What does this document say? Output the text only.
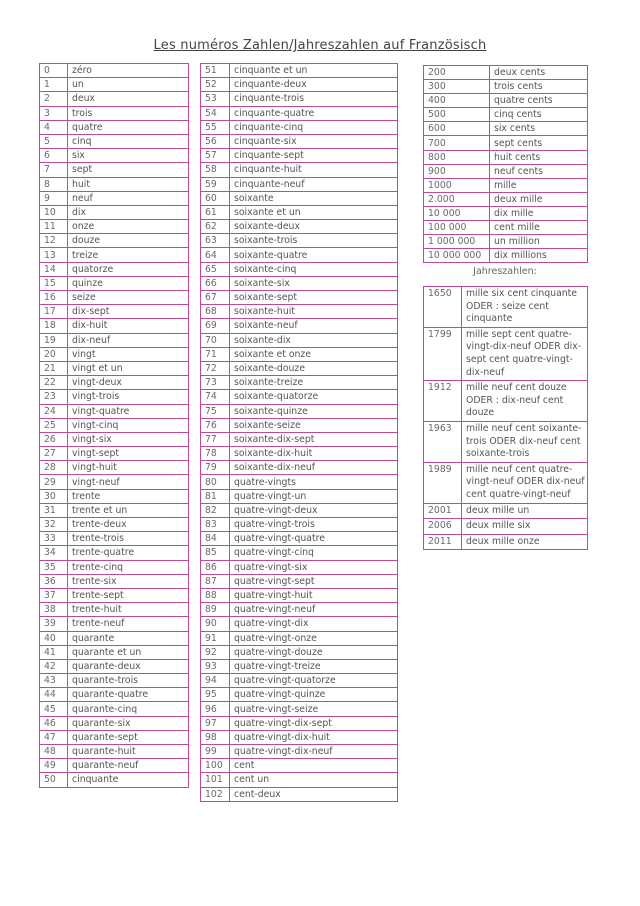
Les numéros Zahlen/Jahreszahlen auf Französisch
0	zéro
1	un
2	deux
3	trois
4	quatre
5	cinq
6	six
7	sept
8	huit
9	neuf
10	dix
11	onze
12	douze
13	treize
14	quatorze
15	quinze
16	seize
17	dix-sept
18	dix-huit
19	dix-neuf
20	vingt
21	vingt et un
22	vingt-deux
23	vingt-trois
24	vingt-quatre
25	vingt-cinq
26	vingt-six
27	vingt-sept
28	vingt-huit
29	vingt-neuf
30	trente
31	trente et un
32	trente-deux
33	trente-trois
34	trente-quatre
35	trente-cinq
36	trente-six
37	trente-sept
38	trente-huit
39	trente-neuf
40	quarante
41	quarante et un
42	quarante-deux
43	quarante-trois
44	quarante-quatre
45	quarante-cinq
46	quarante-six
47	quarante-sept
48	quarante-huit
49	quarante-neuf
50	cinquante
51	cinquante et un
52	cinquante-deux
53	cinquante-trois
54	cinquante-quatre
55	cinquante-cinq
56	cinquante-six
57	cinquante-sept
58	cinquante-huit
59	cinquante-neuf
60	soixante
61	soixante et un
62	soixante-deux
63	soixante-trois
64	soixante-quatre
65	soixante-cinq
66	soixante-six
67	soixante-sept
68	soixante-huit
69	soixante-neuf
70	soixante-dix
71	soixante et onze
72	soixante-douze
73	soixante-treize
74	soixante-quatorze
75	soixante-quinze
76	soixante-seize
77	soixante-dix-sept
78	soixante-dix-huit
79	soixante-dix-neuf
80	quatre-vingts
81	quatre-vingt-un
82	quatre-vingt-deux
83	quatre-vingt-trois
84	quatre-vingt-quatre
85	quatre-vingt-cinq
86	quatre-vingt-six
87	quatre-vingt-sept
88	quatre-vingt-huit
89	quatre-vingt-neuf
90	quatre-vingt-dix
91	quatre-vingt-onze
92	quatre-vingt-douze
93	quatre-vingt-treize
94	quatre-vingt-quatorze
95	quatre-vingt-quinze
96	quatre-vingt-seize
97	quatre-vingt-dix-sept
98	quatre-vingt-dix-huit
99	quatre-vingt-dix-neuf
100	cent
101	cent un
102	cent-deux
200	deux cents
300	trois cents
400	quatre cents
500	cinq cents
600	six cents
700	sept cents
800	huit cents
900	neuf cents
1000	mille
2.000	deux mille
10 000	dix mille
100 000	cent mille
1 000 000	un million
10 000 000	dix millions
Jahreszahlen:
1650	mille six cent cinquante ODER : seize cent cinquante
1799	mille sept cent quatre-vingt-dix-neuf ODER dix-sept cent quatre-vingt-dix-neuf
1912	mille neuf cent douze ODER : dix-neuf cent douze
1963	mille neuf cent soixante-trois ODER dix-neuf cent soixante-trois
1989	mille neuf cent quatre-vingt-neuf ODER dix-neuf cent quatre-vingt-neuf
2001	deux mille un
2006	deux mille six
2011	deux mille onze
